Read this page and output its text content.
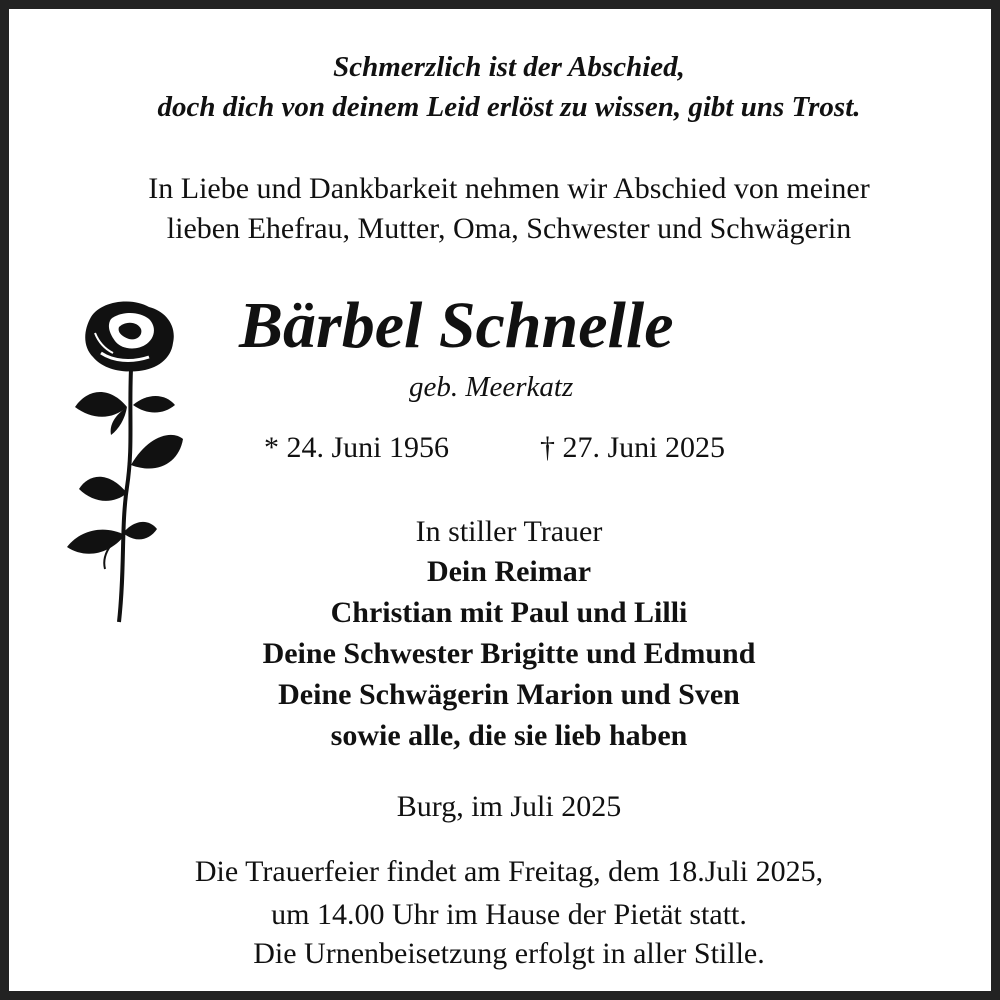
Schmerzlich ist der Abschied,
doch dich von deinem Leid erlöst zu wissen, gibt uns Trost.
In Liebe und Dankbarkeit nehmen wir Abschied von meiner
lieben Ehefrau, Mutter, Oma, Schwester und Schwägerin
Bärbel Schnelle
geb. Meerkatz
* 24. Juni 1956	† 27. Juni 2025
In stiller Trauer
Dein Reimar
Christian mit Paul und Lilli
Deine Schwester Brigitte und Edmund
Deine Schwägerin Marion und Sven
sowie alle, die sie lieb haben
Burg, im Juli 2025
Die Trauerfeier findet am Freitag, dem 18.Juli 2025,
um 14.00 Uhr im Hause der Pietät statt.
Die Urnenbeisetzung erfolgt in aller Stille.
